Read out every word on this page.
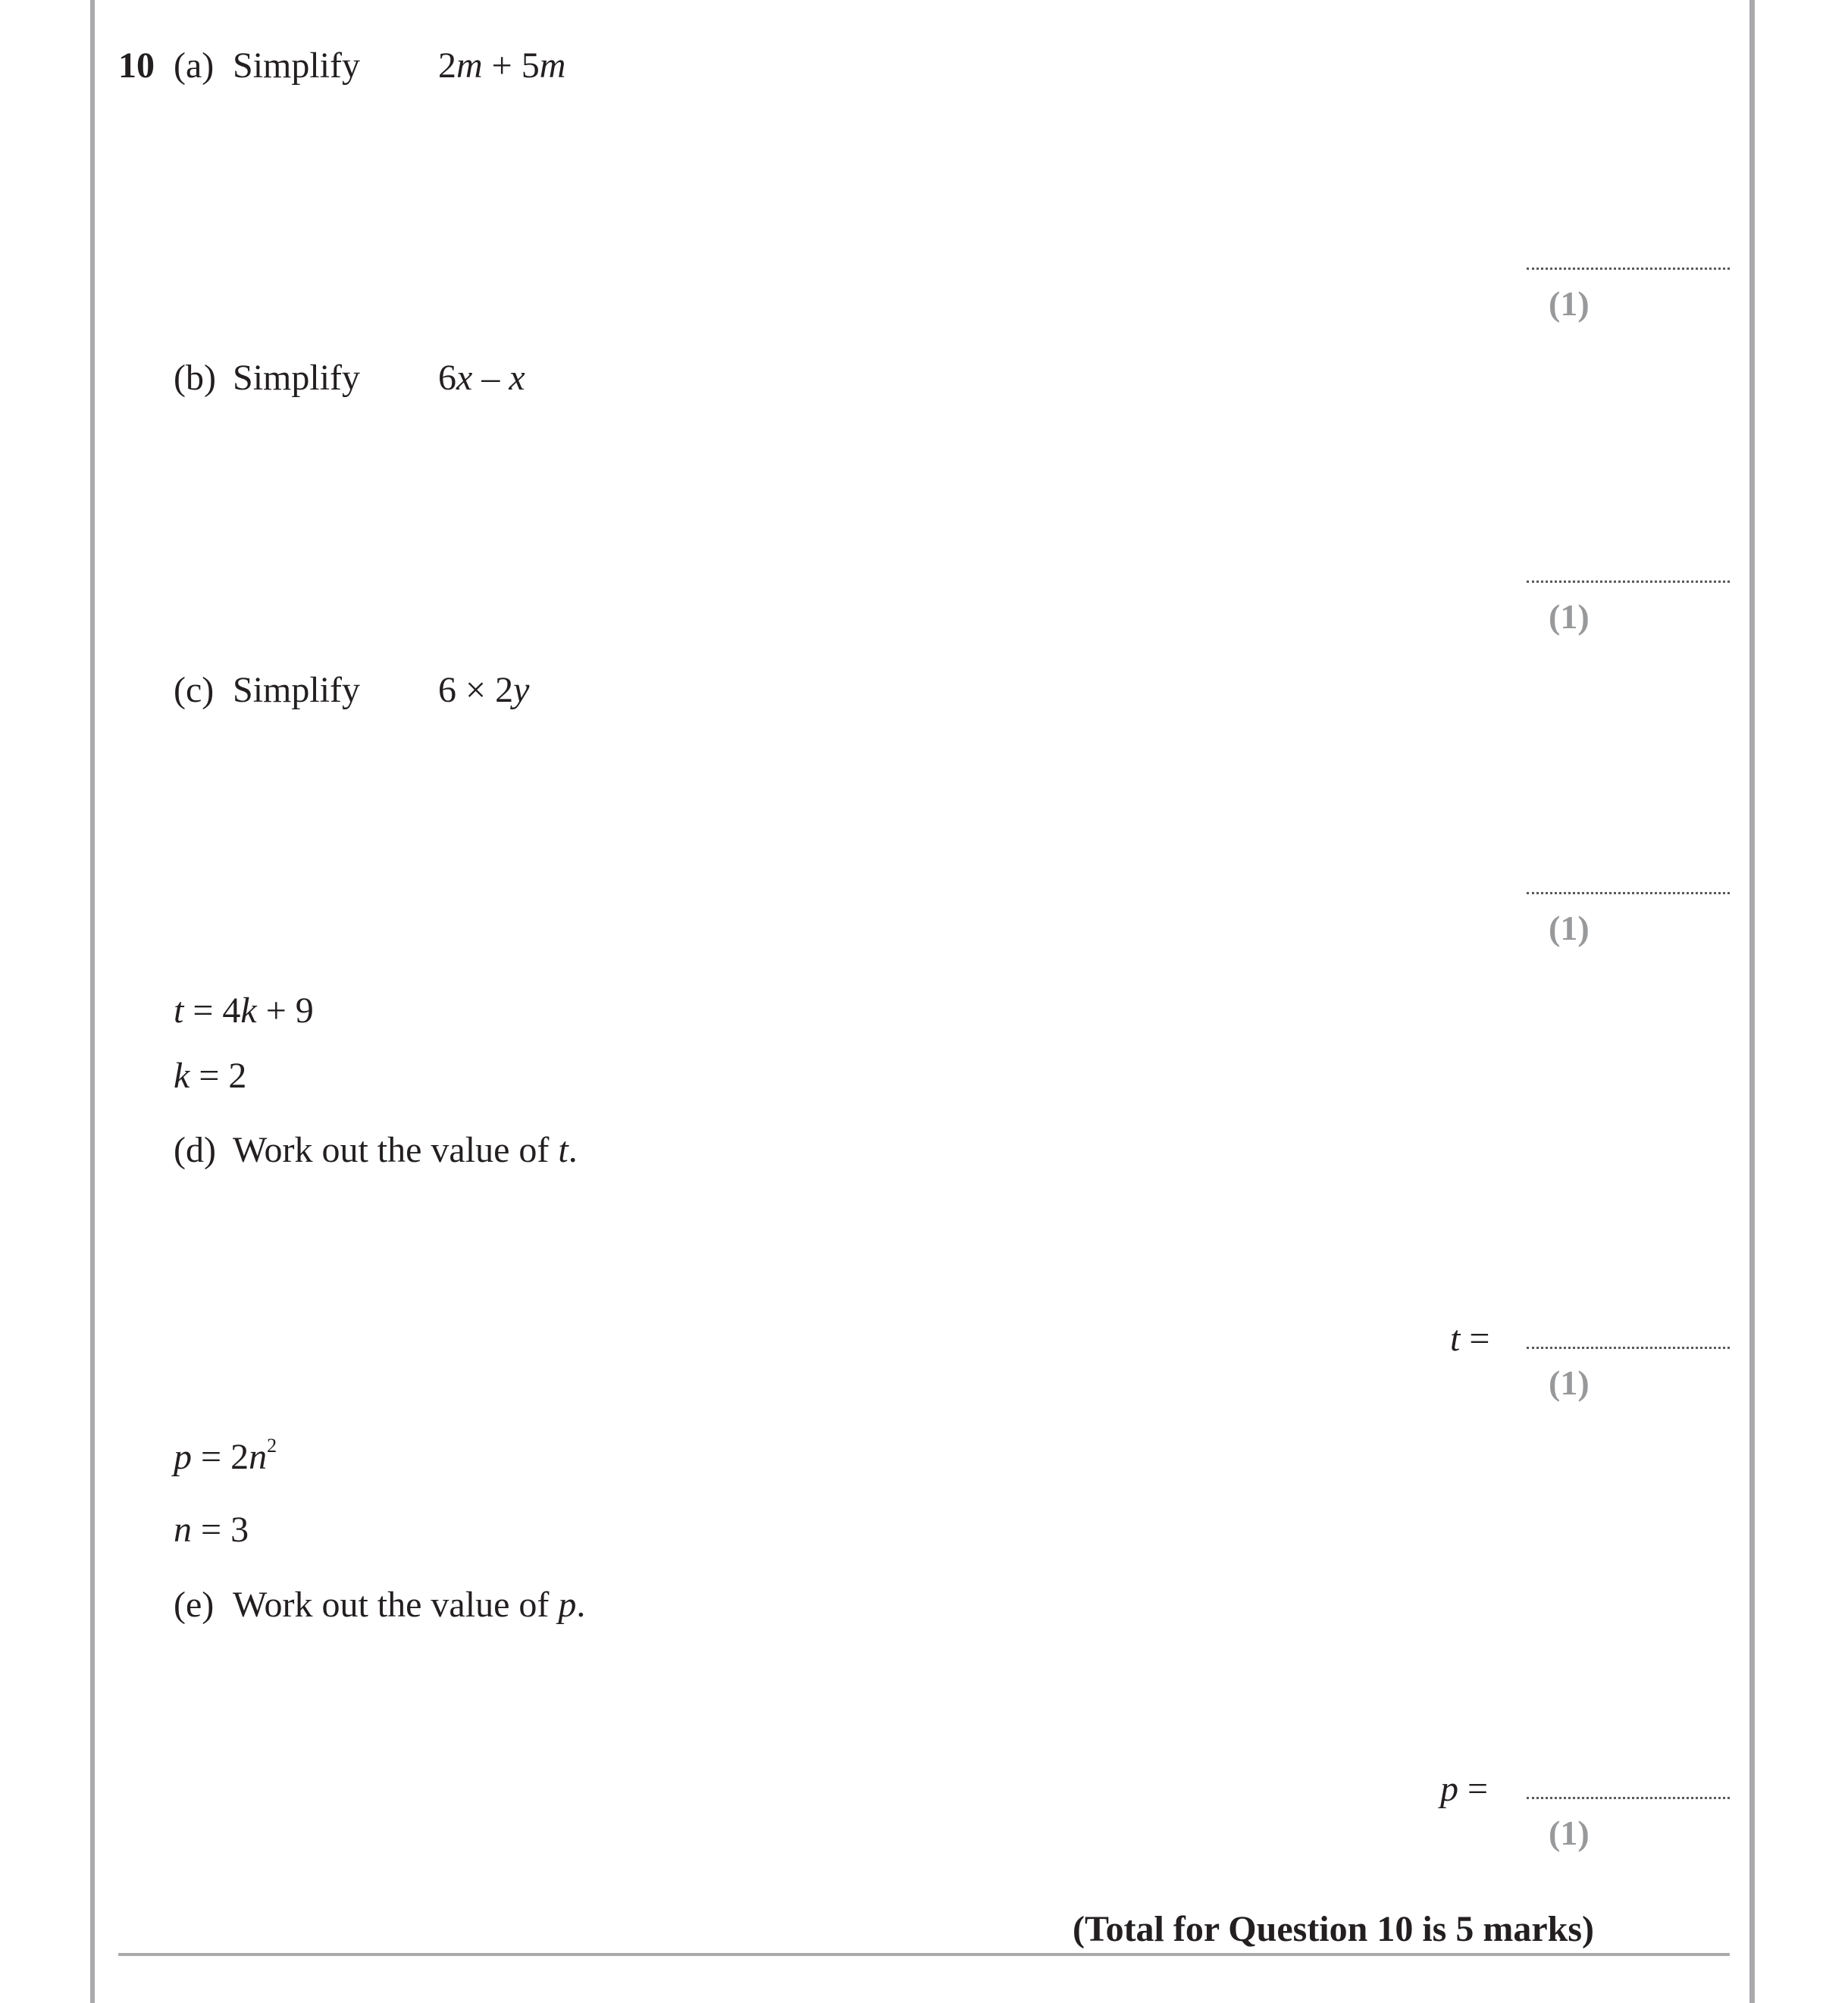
10 (a) Simplify 2m + 5m
(1)
(b) Simplify 6x – x
(1)
(c) Simplify 6 × 2y
(1)
t = 4k + 9
k = 2
(d) Work out the value of t.
t =
(1)
$p = 2n^2$
n = 3
(e) Work out the value of p.
p =
(1)
(Total for Question 10 is 5 marks)
